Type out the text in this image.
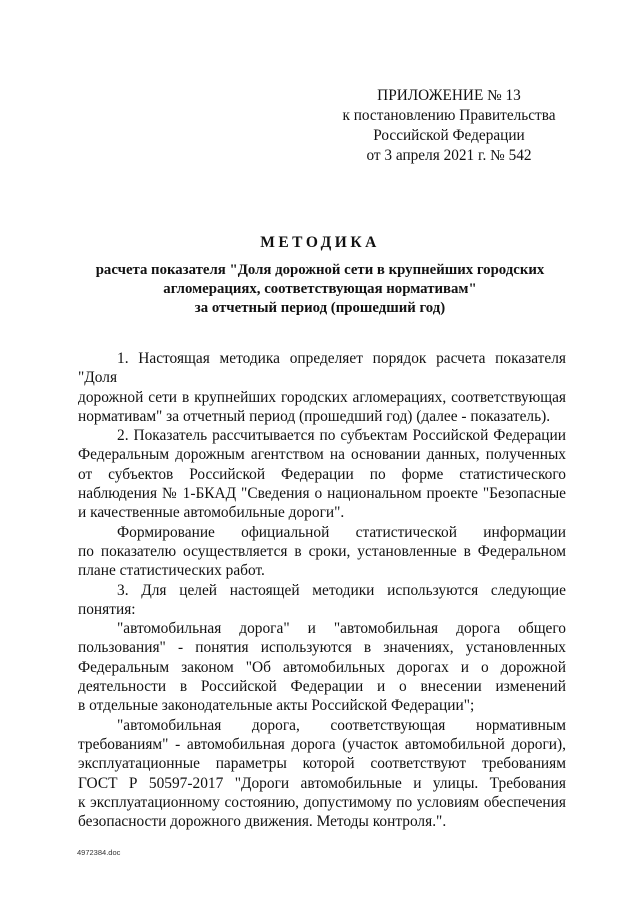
ПРИЛОЖЕНИЕ № 13
к постановлению Правительства
Российской Федерации
от 3 апреля 2021 г. № 542
МЕТОДИКА
расчета показателя "Доля дорожной сети в крупнейших городских
агломерациях, соответствующая нормативам"
за отчетный период (прошедший год)
1. Настоящая методика определяет порядок расчета показателя "Доля
дорожной сети в крупнейших городских агломерациях, соответствующая
нормативам" за отчетный период (прошедший год) (далее - показатель).
2. Показатель рассчитывается по субъектам Российской Федерации
Федеральным дорожным агентством на основании данных, полученных
от субъектов Российской Федерации по форме статистического
наблюдения № 1-БКАД "Сведения о национальном проекте "Безопасные
и качественные автомобильные дороги".
Формирование официальной статистической информации
по показателю осуществляется в сроки, установленные в Федеральном
плане статистических работ.
3. Для целей настоящей методики используются следующие понятия:
"автомобильная дорога" и "автомобильная дорога общего
пользования" - понятия используются в значениях, установленных
Федеральным законом "Об автомобильных дорогах и о дорожной
деятельности в Российской Федерации и о внесении изменений
в отдельные законодательные акты Российской Федерации";
"автомобильная дорога, соответствующая нормативным
требованиям" - автомобильная дорога (участок автомобильной дороги),
эксплуатационные параметры которой соответствуют требованиям
ГОСТ Р 50597-2017 "Дороги автомобильные и улицы. Требования
к эксплуатационному состоянию, допустимому по условиям обеспечения
безопасности дорожного движения. Методы контроля.".
4972384.doc
